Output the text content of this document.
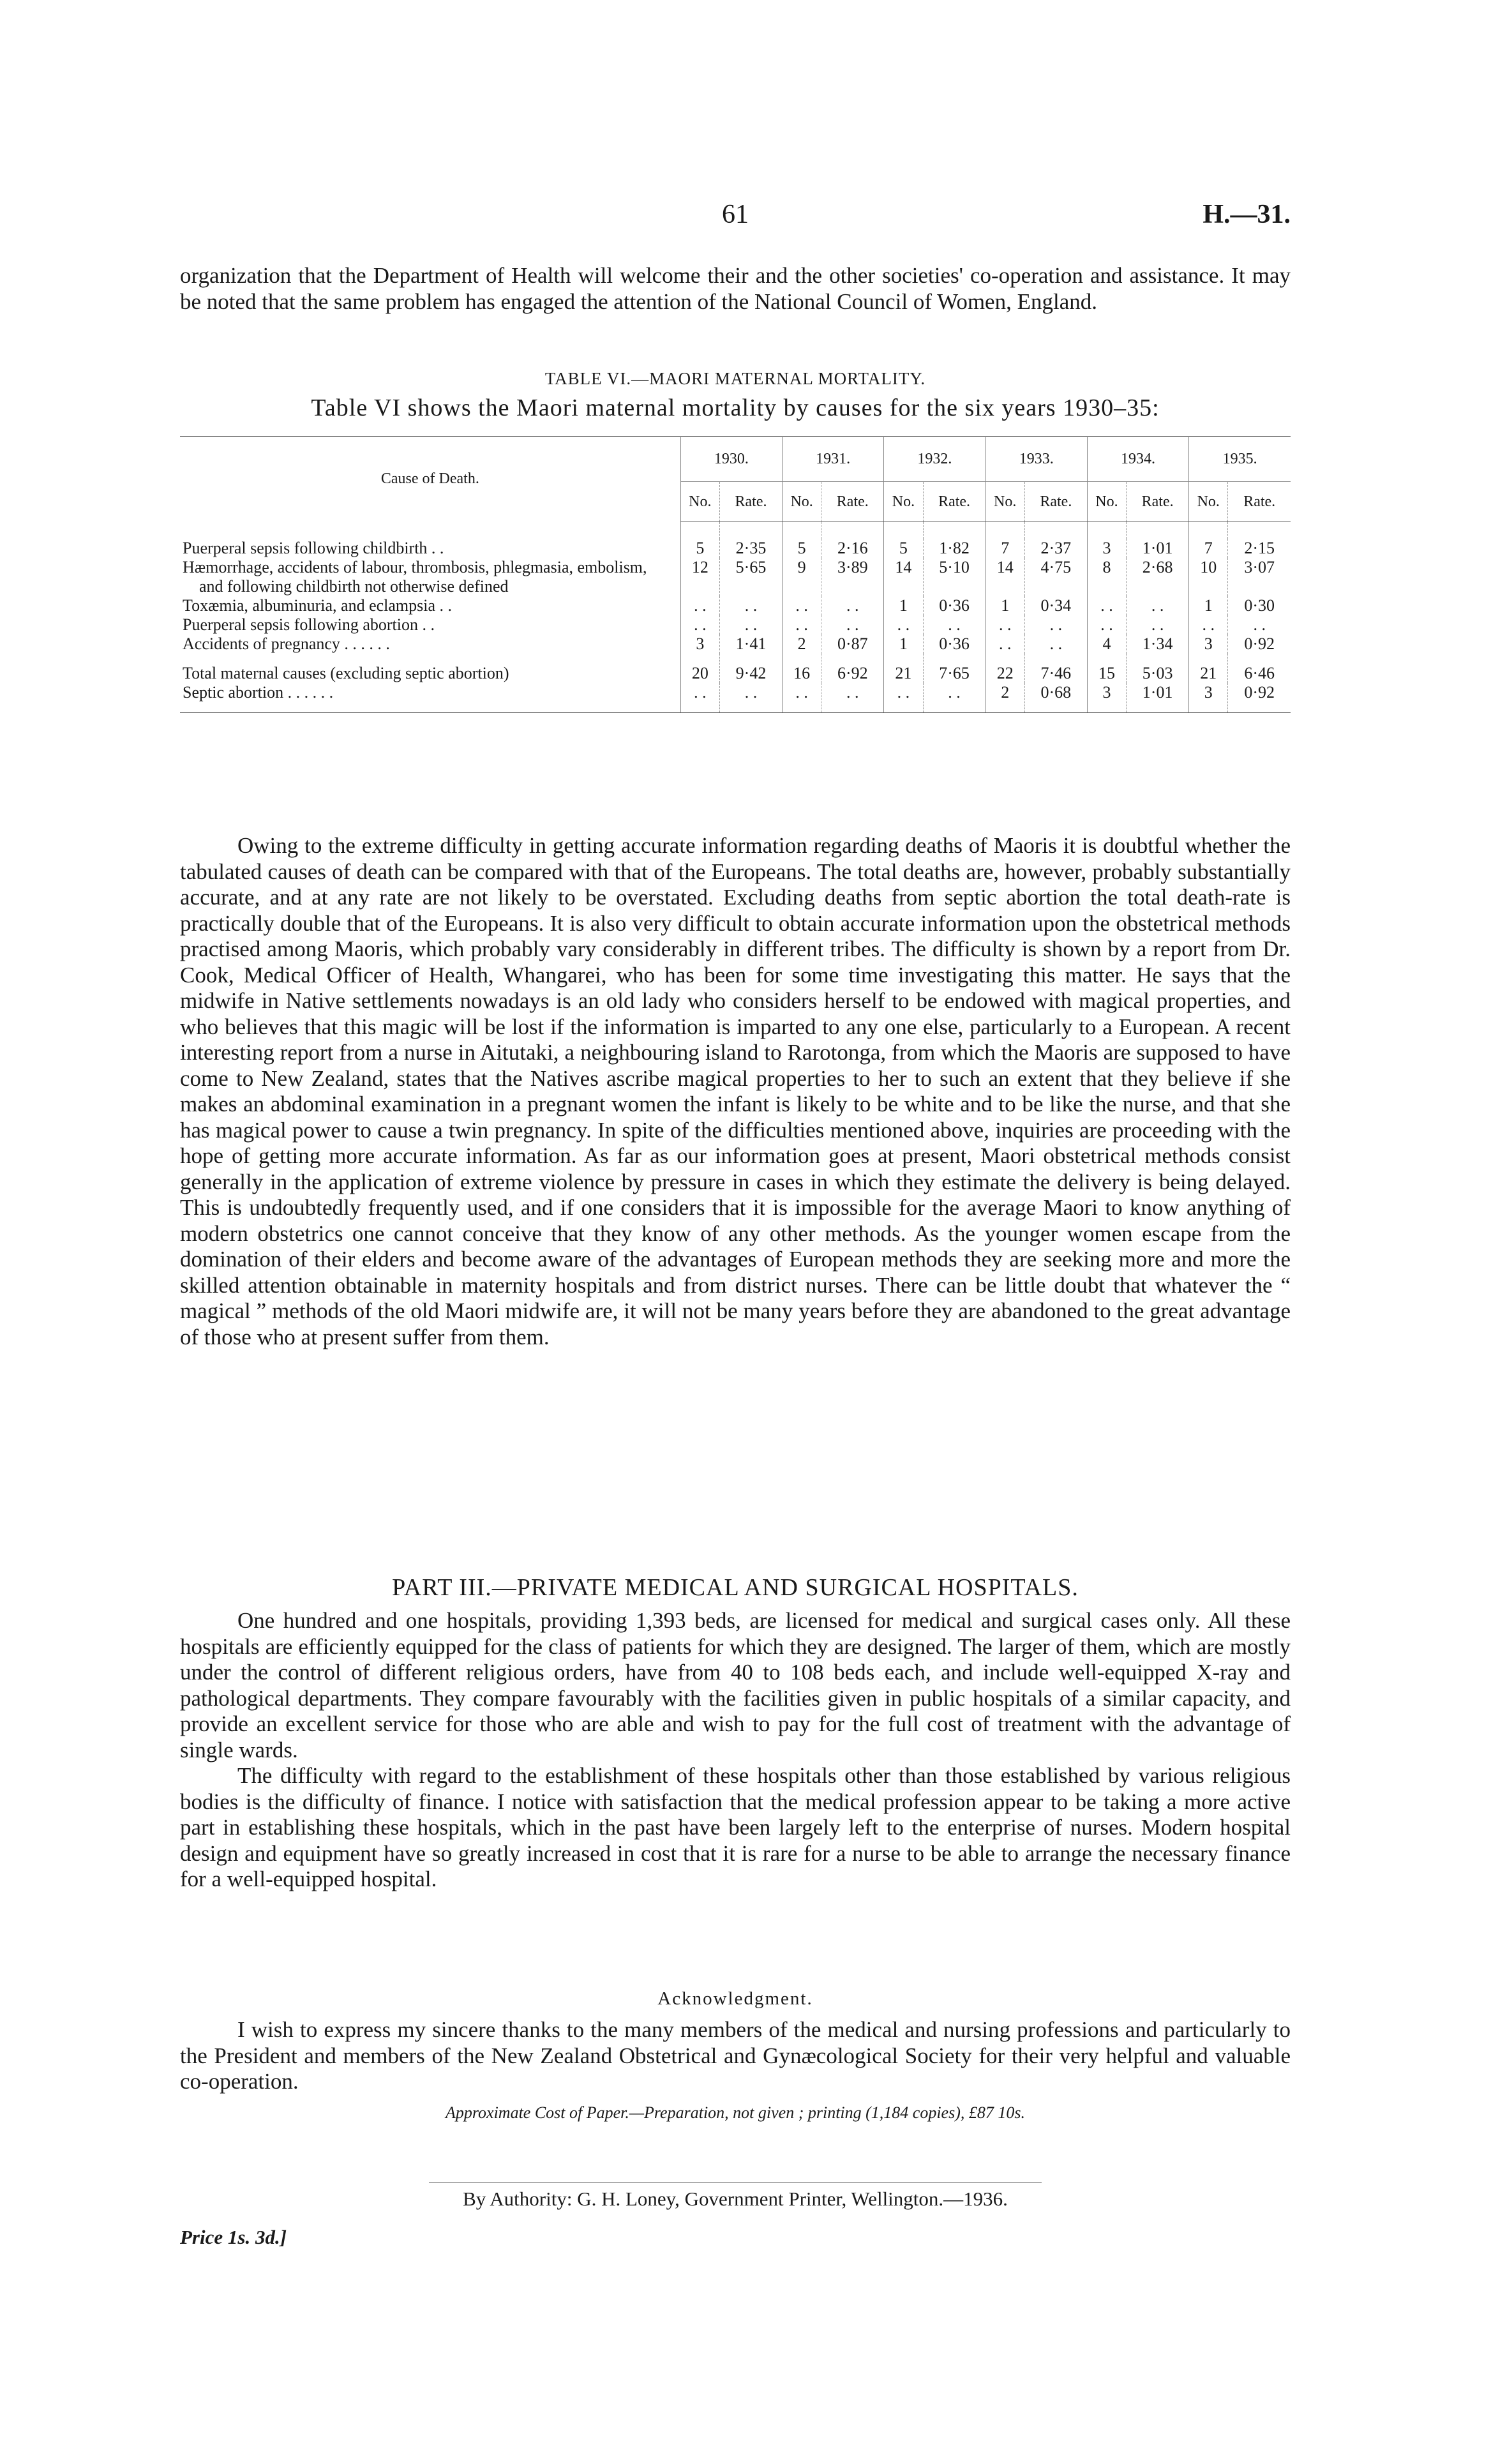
61	H.—31.

organization that the Department of Health will welcome their and the other societies' co-operation and assistance. It may be noted that the same problem has engaged the attention of the National Council of Women, England.

TABLE VI.—MAORI MATERNAL MORTALITY.

Table VI shows the Maori maternal mortality by causes for the six years 1930–35:

Cause of Death.	1930.		1931.		1932.		1933.		1934.		1935.	
	No.	Rate.	No.	Rate.	No.	Rate.	No.	Rate.	No.	Rate.	No.	Rate.

Puerperal sepsis following childbirth . .	5	2·35	5	2·16	5	1·82	7	2·37	3	1·01	7	2·15

Hæmorrhage, accidents of labour, thrombosis, phlegmasia, embolism, and following childbirth not otherwise defined	12	5·65	9	3·89	14	5·10	14	4·75	8	2·68	10	3·07

Toxæmia, albuminuria, and eclampsia . .	. .	. .	. .	. .	1	0·36	1	0·34	. .	. .	1	0·30

Puerperal sepsis following abortion . .	. .	. .	. .	. .	. .	. .	. .	. .	. .	. .	. .	. .

Accidents of pregnancy . . . . . .	3	1·41	2	0·87	1	0·36	. .	. .	4	1·34	3	0·92

Total maternal causes (excluding septic abortion)	20	9·42	16	6·92	21	7·65	22	7·46	15	5·03	21	6·46

Septic abortion . . . . . .	. .	. .	. .	. .	. .	. .	2	0·68	3	1·01	3	0·92

Owing to the extreme difficulty in getting accurate information regarding deaths of Maoris it is doubtful whether the tabulated causes of death can be compared with that of the Europeans. The total deaths are, however, probably substantially accurate, and at any rate are not likely to be overstated. Excluding deaths from septic abortion the total death-rate is practically double that of the Europeans. It is also very difficult to obtain accurate information upon the obstetrical methods practised among Maoris, which probably vary considerably in different tribes. The difficulty is shown by a report from Dr. Cook, Medical Officer of Health, Whangarei, who has been for some time investigating this matter. He says that the midwife in Native settlements nowadays is an old lady who considers herself to be endowed with magical properties, and who believes that this magic will be lost if the information is imparted to any one else, particularly to a European. A recent interesting report from a nurse in Aitutaki, a neighbouring island to Rarotonga, from which the Maoris are supposed to have come to New Zealand, states that the Natives ascribe magical properties to her to such an extent that they believe if she makes an abdominal examination in a pregnant women the infant is likely to be white and to be like the nurse, and that she has magical power to cause a twin pregnancy. In spite of the difficulties mentioned above, inquiries are proceeding with the hope of getting more accurate information. As far as our information goes at present, Maori obstetrical methods consist generally in the application of extreme violence by pressure in cases in which they estimate the delivery is being delayed. This is undoubtedly frequently used, and if one considers that it is impossible for the average Maori to know anything of modern obstetrics one cannot conceive that they know of any other methods. As the younger women escape from the domination of their elders and become aware of the advantages of European methods they are seeking more and more the skilled attention obtainable in maternity hospitals and from district nurses. There can be little doubt that whatever the “ magical ” methods of the old Maori midwife are, it will not be many years before they are abandoned to the great advantage of those who at present suffer from them.

PART III.—PRIVATE MEDICAL AND SURGICAL HOSPITALS.

One hundred and one hospitals, providing 1,393 beds, are licensed for medical and surgical cases only. All these hospitals are efficiently equipped for the class of patients for which they are designed. The larger of them, which are mostly under the control of different religious orders, have from 40 to 108 beds each, and include well-equipped X-ray and pathological departments. They compare favourably with the facilities given in public hospitals of a similar capacity, and provide an excellent service for those who are able and wish to pay for the full cost of treatment with the advantage of single wards.

The difficulty with regard to the establishment of these hospitals other than those established by various religious bodies is the difficulty of finance. I notice with satisfaction that the medical profession appear to be taking a more active part in establishing these hospitals, which in the past have been largely left to the enterprise of nurses. Modern hospital design and equipment have so greatly increased in cost that it is rare for a nurse to be able to arrange the necessary finance for a well-equipped hospital.

Acknowledgment.

I wish to express my sincere thanks to the many members of the medical and nursing professions and particularly to the President and members of the New Zealand Obstetrical and Gynæcological Society for their very helpful and valuable co-operation.

Approximate Cost of Paper.—Preparation, not given ; printing (1,184 copies), £87 10s.

By Authority: G. H. Loney, Government Printer, Wellington.—1936.

Price 1s. 3d.]
